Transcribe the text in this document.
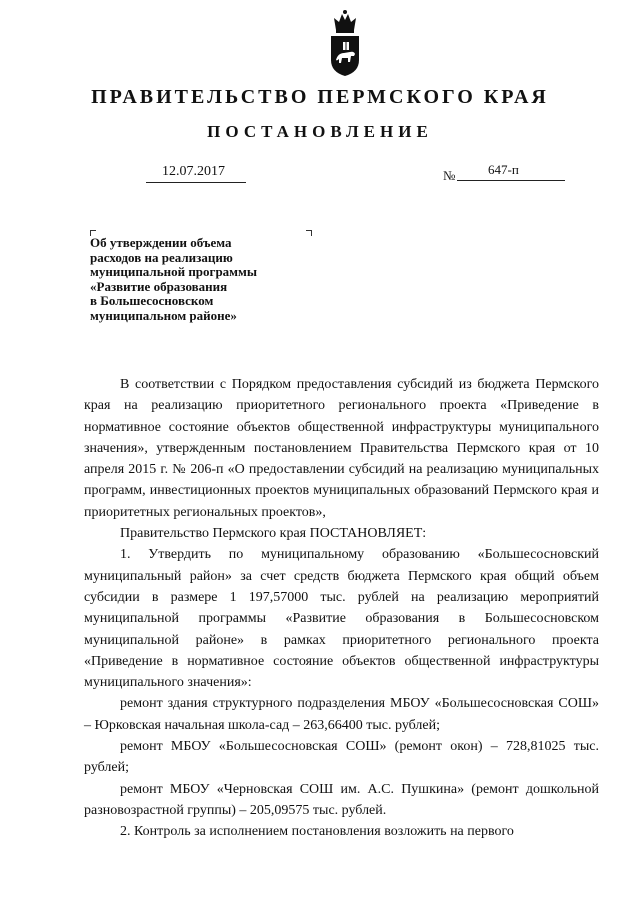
ПРАВИТЕЛЬСТВО ПЕРМСКОГО КРАЯ
ПОСТАНОВЛЕНИЕ
12.07.2017	№	647-п
Об утверждении объема
расходов на реализацию
муниципальной программы
«Развитие образования
в Большесосновском
муниципальном районе»

В соответствии с Порядком предоставления субсидий из бюджета Пермского края на реализацию приоритетного регионального проекта «Приведение в нормативное состояние объектов общественной инфраструктуры муниципального значения», утвержденным постановлением Правительства Пермского края от 10 апреля 2015 г. № 206-п «О предоставлении субсидий на реализацию муниципальных программ, инвестиционных проектов муниципальных образований Пермского края и приоритетных региональных проектов»,

Правительство Пермского края ПОСТАНОВЛЯЕТ:

1. Утвердить по муниципальному образованию «Большесосновский муниципальный район» за счет средств бюджета Пермского края общий объем субсидии в размере 1 197,57000 тыс. рублей на реализацию мероприятий муниципальной программы «Развитие образования в Большесосновском муниципальной районе» в рамках приоритетного регионального проекта «Приведение в нормативное состояние объектов общественной инфраструктуры муниципального значения»:

ремонт здания структурного подразделения МБОУ «Большесосновская СОШ» – Юрковская начальная школа-сад – 263,66400 тыс. рублей;

ремонт МБОУ «Большесосновская СОШ» (ремонт окон) – 728,81025 тыс. рублей;

ремонт МБОУ «Черновская СОШ им. А.С. Пушкина» (ремонт дошкольной разновозрастной группы) – 205,09575 тыс. рублей.

2. Контроль за исполнением постановления возложить на первого
